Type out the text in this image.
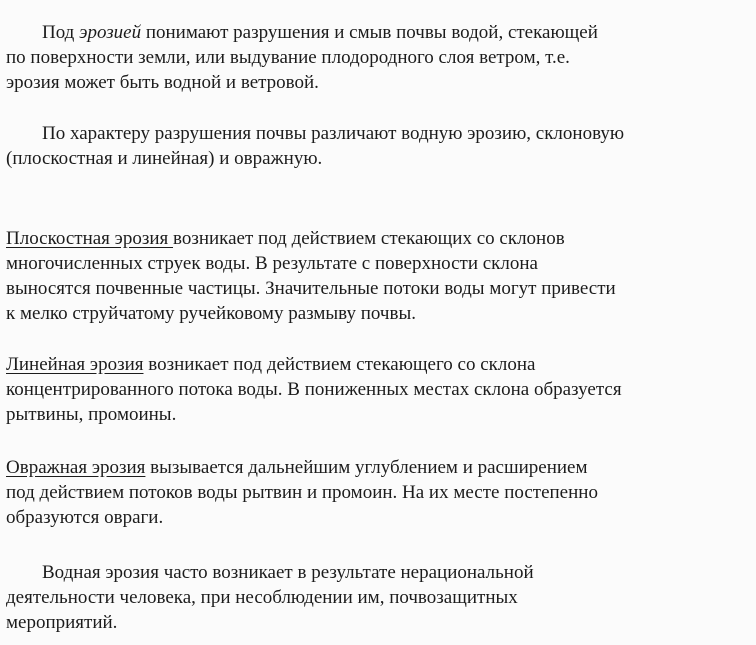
Под эрозией понимают разрушения и смыв почвы водой, стекающей
по поверхности земли, или выдувание плодородного слоя ветром, т.е.
эрозия может быть водной и ветровой.
По характеру разрушения почвы различают водную эрозию, склоновую
(плоскостная и линейная) и овражную.
Плоскостная эрозия возникает под действием стекающих со склонов
многочисленных струек воды. В результате с поверхности склона
выносятся почвенные частицы. Значительные потоки воды могут привести
к мелко струйчатому ручейковому размыву почвы.
Линейная эрозия возникает под действием стекающего со склона
концентрированного потока воды. В пониженных местах склона образуется
рытвины, промоины.
Овражная эрозия вызывается дальнейшим углублением и расширением
под действием потоков воды рытвин и промоин. На их месте постепенно
образуются овраги.
Водная эрозия часто возникает в результате нерациональной
деятельности человека, при несоблюдении им, почвозащитных
мероприятий.
